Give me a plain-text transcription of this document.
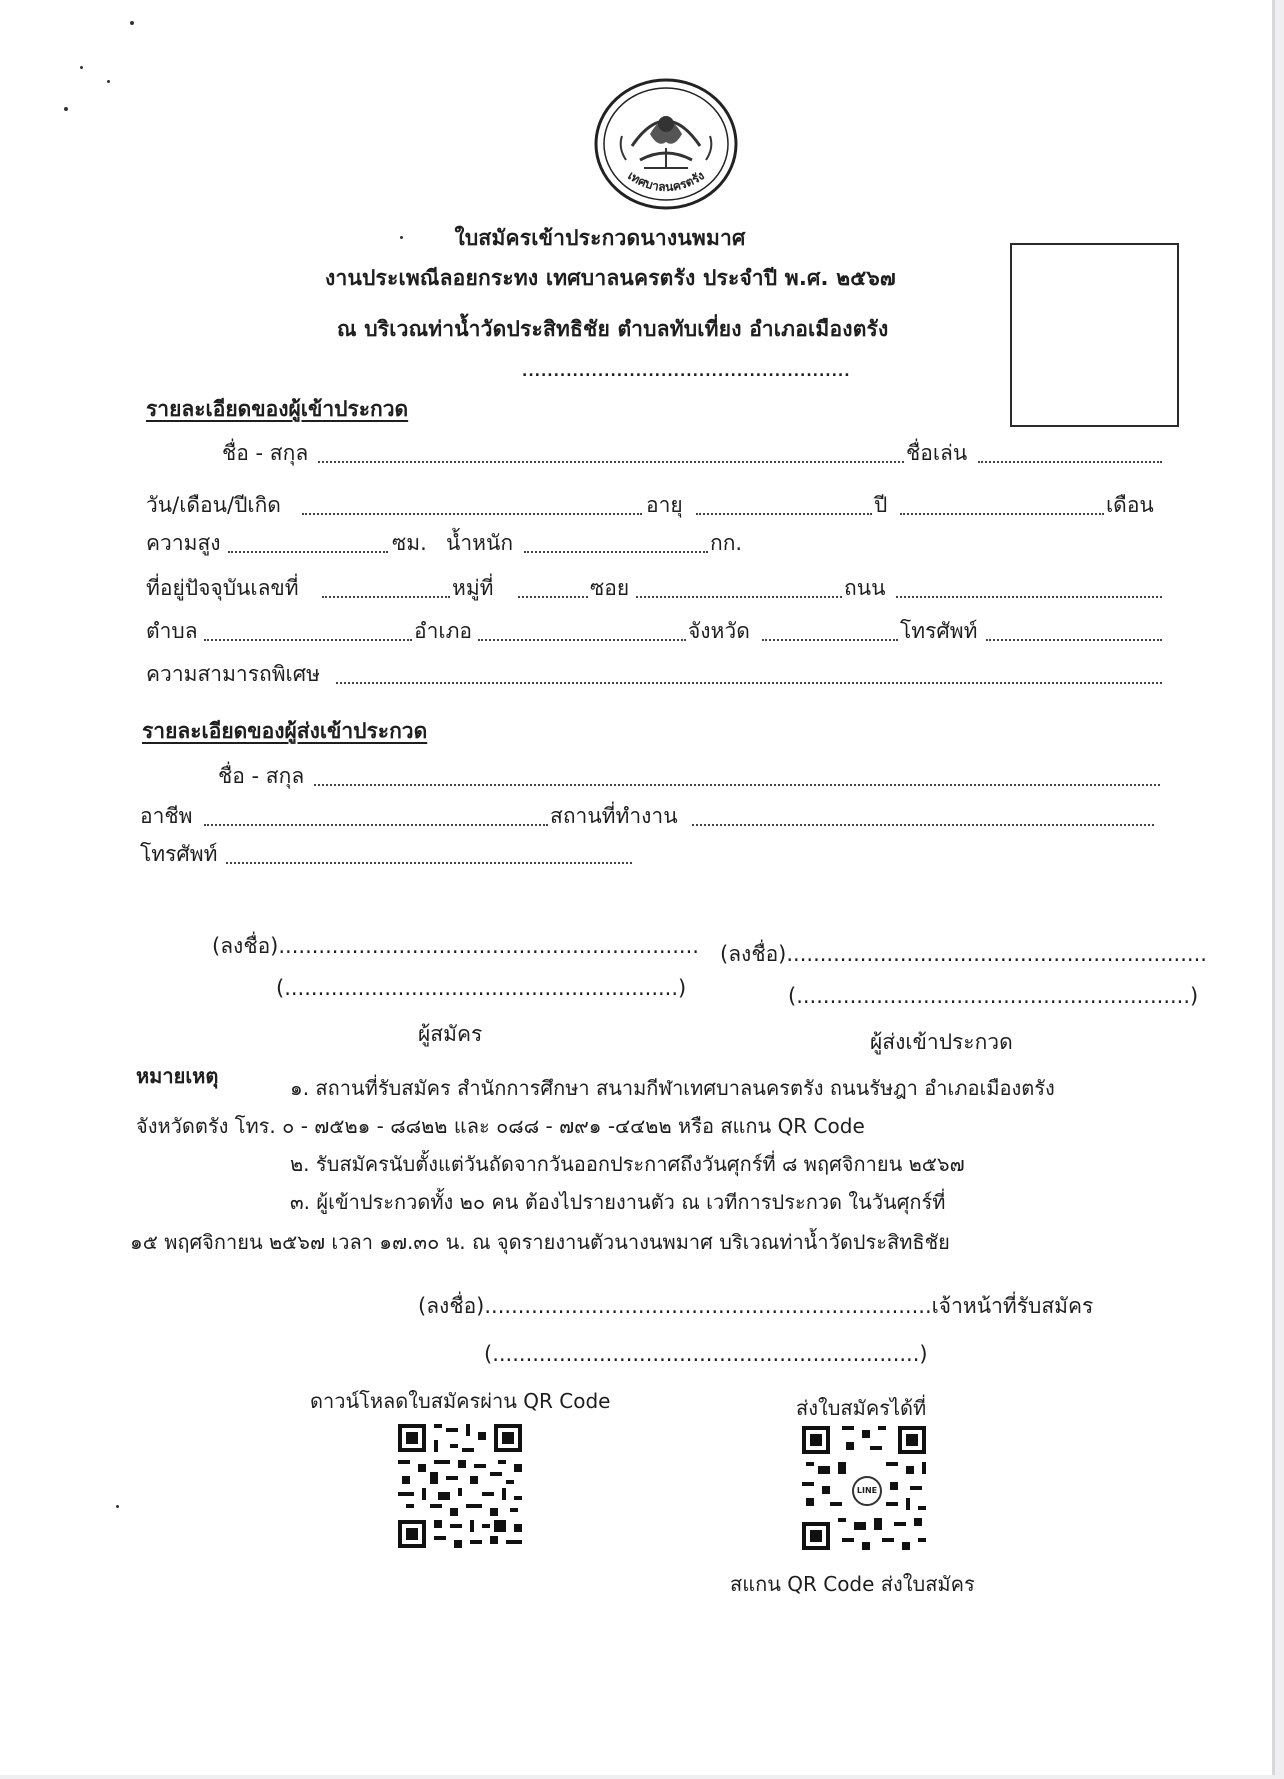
เทศบาลนครตรัง
ใบสมัครเข้าประกวดนางนพมาศ
งานประเพณีลอยกระทง เทศบาลนครตรัง ประจำปี พ.ศ. ๒๕๖๗
ณ บริเวณท่าน้ำวัดประสิทธิชัย ตำบลทับเที่ยง อำเภอเมืองตรัง
....................................................
รายละเอียดของผู้เข้าประกวด
ชื่อ - สกุล	ชื่อเล่น
วัน/เดือน/ปีเกิด	อายุ	ปี	เดือน
ความสูง	ซม. น้ำหนัก	กก.
ที่อยู่ปัจจุบันเลขที่	หมู่ที่	ซอย	ถนน
ตำบล	อำเภอ	จังหวัด	โทรศัพท์
ความสามารถพิเศษ
รายละเอียดของผู้ส่งเข้าประกวด
ชื่อ - สกุล
อาชีพ	สถานที่ทำงาน
โทรศัพท์
(ลงชื่อ)............................................................... (ลงชื่อ)...............................................................
(...........................................................)	(...........................................................)
ผู้สมัคร	ผู้ส่งเข้าประกวด
หมายเหตุ	๑. สถานที่รับสมัคร สำนักการศึกษา สนามกีฬาเทศบาลนครตรัง ถนนรัษฎา อำเภอเมืองตรัง
จังหวัดตรัง โทร. ๐ - ๗๕๒๑ - ๘๘๒๒ และ ๐๘๘ - ๗๙๑ -๔๔๒๒ หรือ สแกน QR Code
๒. รับสมัครนับตั้งแต่วันถัดจากวันออกประกาศถึงวันศุกร์ที่ ๘ พฤศจิกายน ๒๕๖๗
๓. ผู้เข้าประกวดทั้ง ๒๐ คน ต้องไปรายงานตัว ณ เวทีการประกวด ในวันศุกร์ที่
๑๕ พฤศจิกายน ๒๕๖๗ เวลา ๑๗.๓๐ น. ณ จุดรายงานตัวนางนพมาศ บริเวณท่าน้ำวัดประสิทธิชัย
(ลงชื่อ)...................................................................เจ้าหน้าที่รับสมัคร
(................................................................)
ดาวน์โหลดใบสมัครผ่าน QR Code	ส่งใบสมัครได้ที่
LINE
สแกน QR Code ส่งใบสมัคร
